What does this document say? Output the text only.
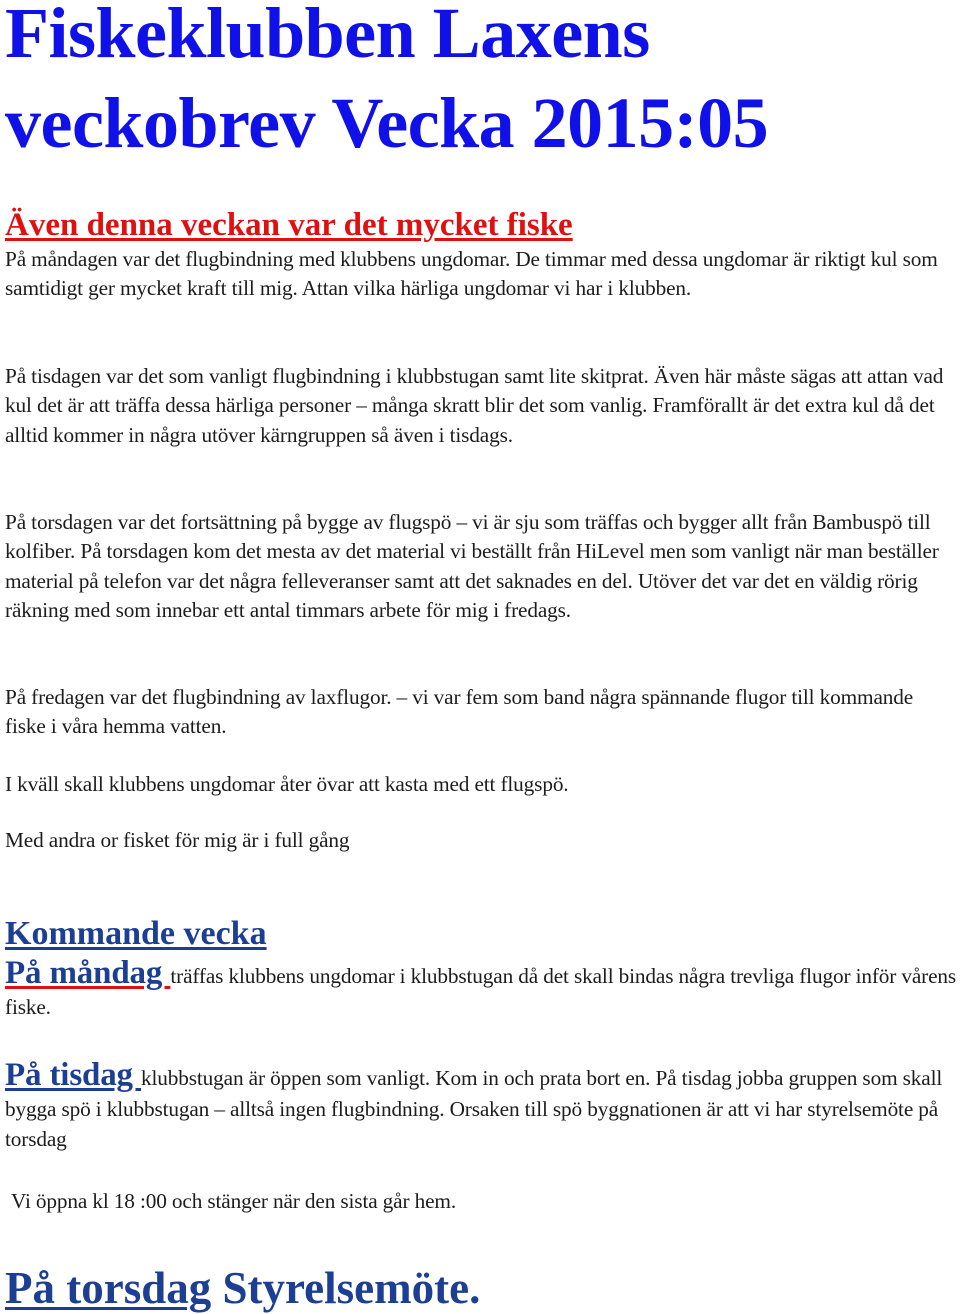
Fiskeklubben Laxens veckobrev Vecka 2015:05
Även denna veckan var det mycket fiske

På måndagen var det flugbindning med klubbens ungdomar. De timmar med dessa ungdomar är riktigt kul som samtidigt ger mycket kraft till mig. Attan vilka härliga ungdomar vi har i klubben.

På tisdagen var det som vanligt flugbindning i klubbstugan samt lite skitprat. Även här måste sägas att attan vad kul det är att träffa dessa härliga personer – många skratt blir det som vanlig. Framförallt är det extra kul då det alltid kommer in några utöver kärngruppen så även i tisdags.

På torsdagen var det fortsättning på bygge av flugspö – vi är sju som träffas och bygger allt från Bambuspö till kolfiber. På torsdagen kom det mesta av det material vi beställt från HiLevel men som vanligt när man beställer material på telefon var det några felleveranser samt att det saknades en del. Utöver det var det en väldig rörig räkning med som innebar ett antal timmars arbete för mig i fredags.

På fredagen var det flugbindning av laxflugor. – vi var fem som band några spännande flugor till kommande fiske i våra hemma vatten.

I kväll skall klubbens ungdomar åter övar att kasta med ett flugspö.

Med andra or fisket för mig är i full gång

Kommande vecka

På måndag träffas klubbens ungdomar i klubbstugan då det skall bindas några trevliga flugor inför vårens fiske.

På tisdag klubbstugan är öppen som vanligt. Kom in och prata bort en. På tisdag jobba gruppen som skall bygga spö i klubbstugan – alltså ingen flugbindning. Orsaken till spö byggnationen är att vi har styrelsemöte på torsdag

Vi öppna kl 18 :00 och stänger när den sista går hem.

På torsdag Styrelsemöte.
